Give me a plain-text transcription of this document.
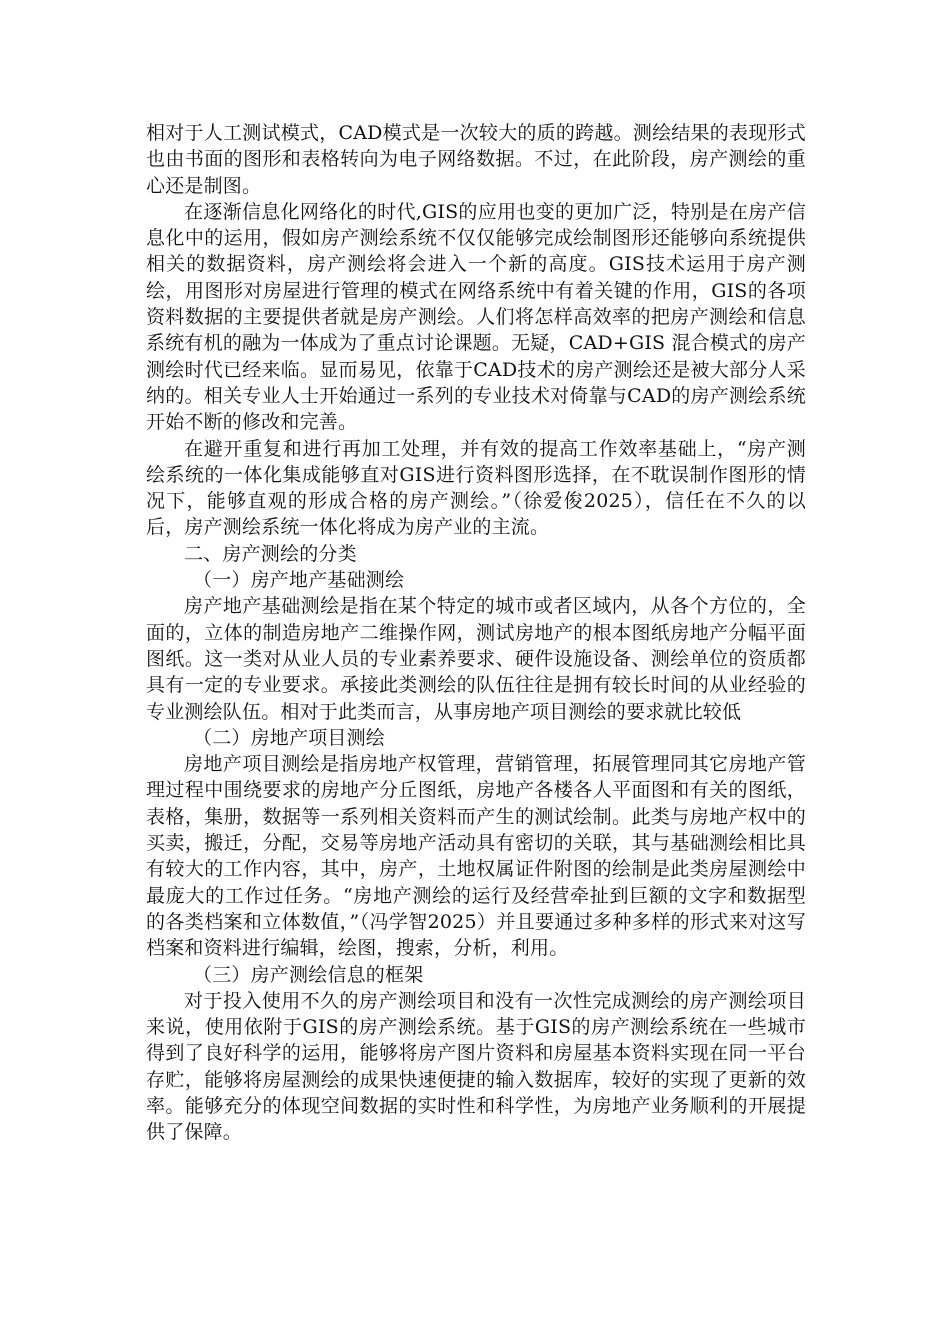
相对于人工测试模式，CAD模式是一次较大的质的跨越。测绘结果的表现形式也由书面的图形和表格转向为电子网络数据。不过，在此阶段，房产测绘的重心还是制图。

在逐渐信息化网络化的时代,GIS的应用也变的更加广泛，特别是在房产信息化中的运用，假如房产测绘系统不仅仅能够完成绘制图形还能够向系统提供相关的数据资料，房产测绘将会进入一个新的高度。GIS技术运用于房产测绘，用图形对房屋进行管理的模式在网络系统中有着关键的作用，GIS的各项资料数据的主要提供者就是房产测绘。人们将怎样高效率的把房产测绘和信息系统有机的融为一体成为了重点讨论课题。无疑，CAD+GIS 混合模式的房产测绘时代已经来临。显而易见，依靠于CAD技术的房产测绘还是被大部分人采纳的。相关专业人士开始通过一系列的专业技术对倚靠与CAD的房产测绘系统开始不断的修改和完善。

在避开重复和进行再加工处理，并有效的提高工作效率基础上，“房产测绘系统的一体化集成能够直对GIS进行资料图形选择，在不耽误制作图形的情况下，能够直观的形成合格的房产测绘。”（徐爱俊2025），信任在不久的以后，房产测绘系统一体化将成为房产业的主流。

二、房产测绘的分类

（一）房产地产基础测绘

房产地产基础测绘是指在某个特定的城市或者区域内，从各个方位的，全面的，立体的制造房地产二维操作网，测试房地产的根本图纸房地产分幅平面图纸。这一类对从业人员的专业素养要求、硬件设施设备、测绘单位的资质都具有一定的专业要求。承接此类测绘的队伍往往是拥有较长时间的从业经验的专业测绘队伍。相对于此类而言，从事房地产项目测绘的要求就比较低

（二）房地产项目测绘

房地产项目测绘是指房地产权管理，营销管理，拓展管理同其它房地产管理过程中围绕要求的房地产分丘图纸，房地产各楼各人平面图和有关的图纸，表格，集册，数据等一系列相关资料而产生的测试绘制。此类与房地产权中的买卖，搬迁，分配，交易等房地产活动具有密切的关联，其与基础测绘相比具有较大的工作内容，其中，房产，土地权属证件附图的绘制是此类房屋测绘中最庞大的工作过任务。“房地产测绘的运行及经营牵扯到巨额的文字和数据型的各类档案和立体数值，”（冯学智2025）并且要通过多种多样的形式来对这写档案和资料进行编辑，绘图，搜索，分析，利用。

（三）房产测绘信息的框架

对于投入使用不久的房产测绘项目和没有一次性完成测绘的房产测绘项目来说，使用依附于GIS的房产测绘系统。基于GIS的房产测绘系统在一些城市得到了良好科学的运用，能够将房产图片资料和房屋基本资料实现在同一平台存贮，能够将房屋测绘的成果快速便捷的输入数据库，较好的实现了更新的效率。能够充分的体现空间数据的实时性和科学性，为房地产业务顺利的开展提供了保障。
